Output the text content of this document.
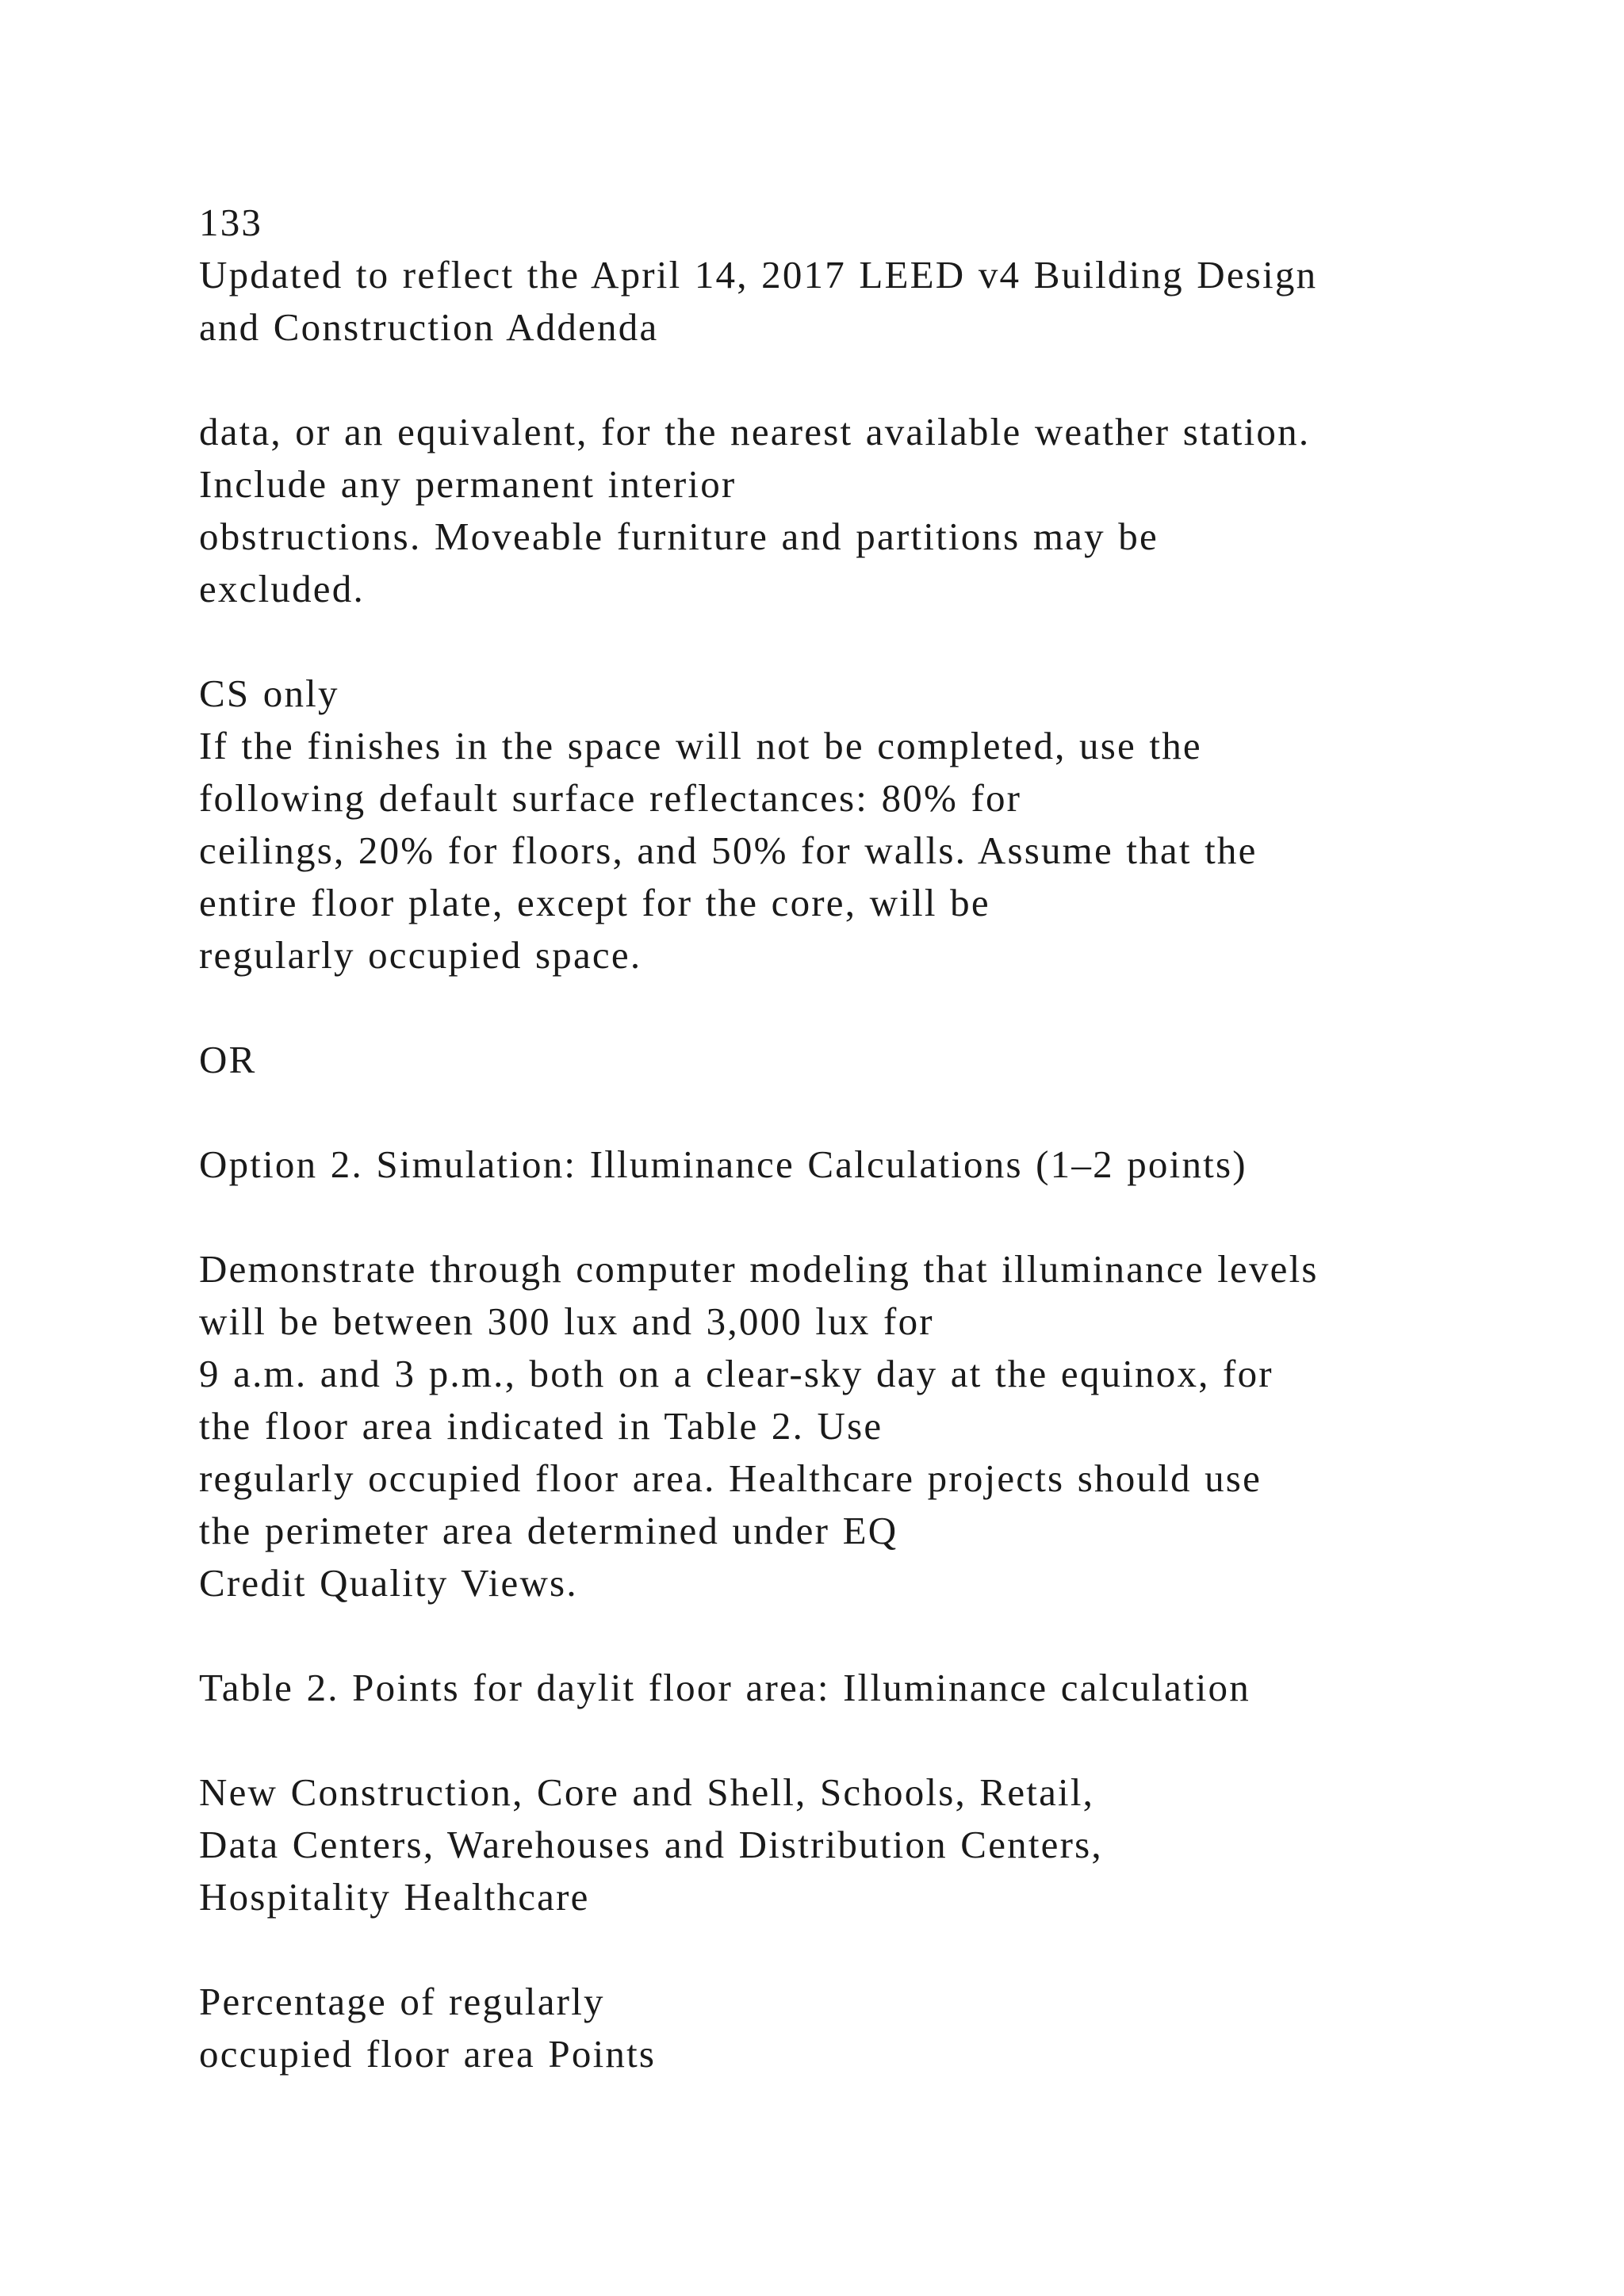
133
Updated to reflect the April 14, 2017 LEED v4 Building Design
and Construction Addenda
data, or an equivalent, for the nearest available weather station.
Include any permanent interior
obstructions. Moveable furniture and partitions may be
excluded.
CS only
If the finishes in the space will not be completed, use the
following default surface reflectances: 80% for
ceilings, 20% for floors, and 50% for walls. Assume that the
entire floor plate, except for the core, will be
regularly occupied space.
OR
Option 2. Simulation: Illuminance Calculations (1–2 points)
Demonstrate through computer modeling that illuminance levels
will be between 300 lux and 3,000 lux for
9 a.m. and 3 p.m., both on a clear-sky day at the equinox, for
the floor area indicated in Table 2. Use
regularly occupied floor area. Healthcare projects should use
the perimeter area determined under EQ
Credit Quality Views.
Table 2. Points for daylit floor area: Illuminance calculation
New Construction, Core and Shell, Schools, Retail,
Data Centers, Warehouses and Distribution Centers,
Hospitality Healthcare
Percentage of regularly
occupied floor area Points
